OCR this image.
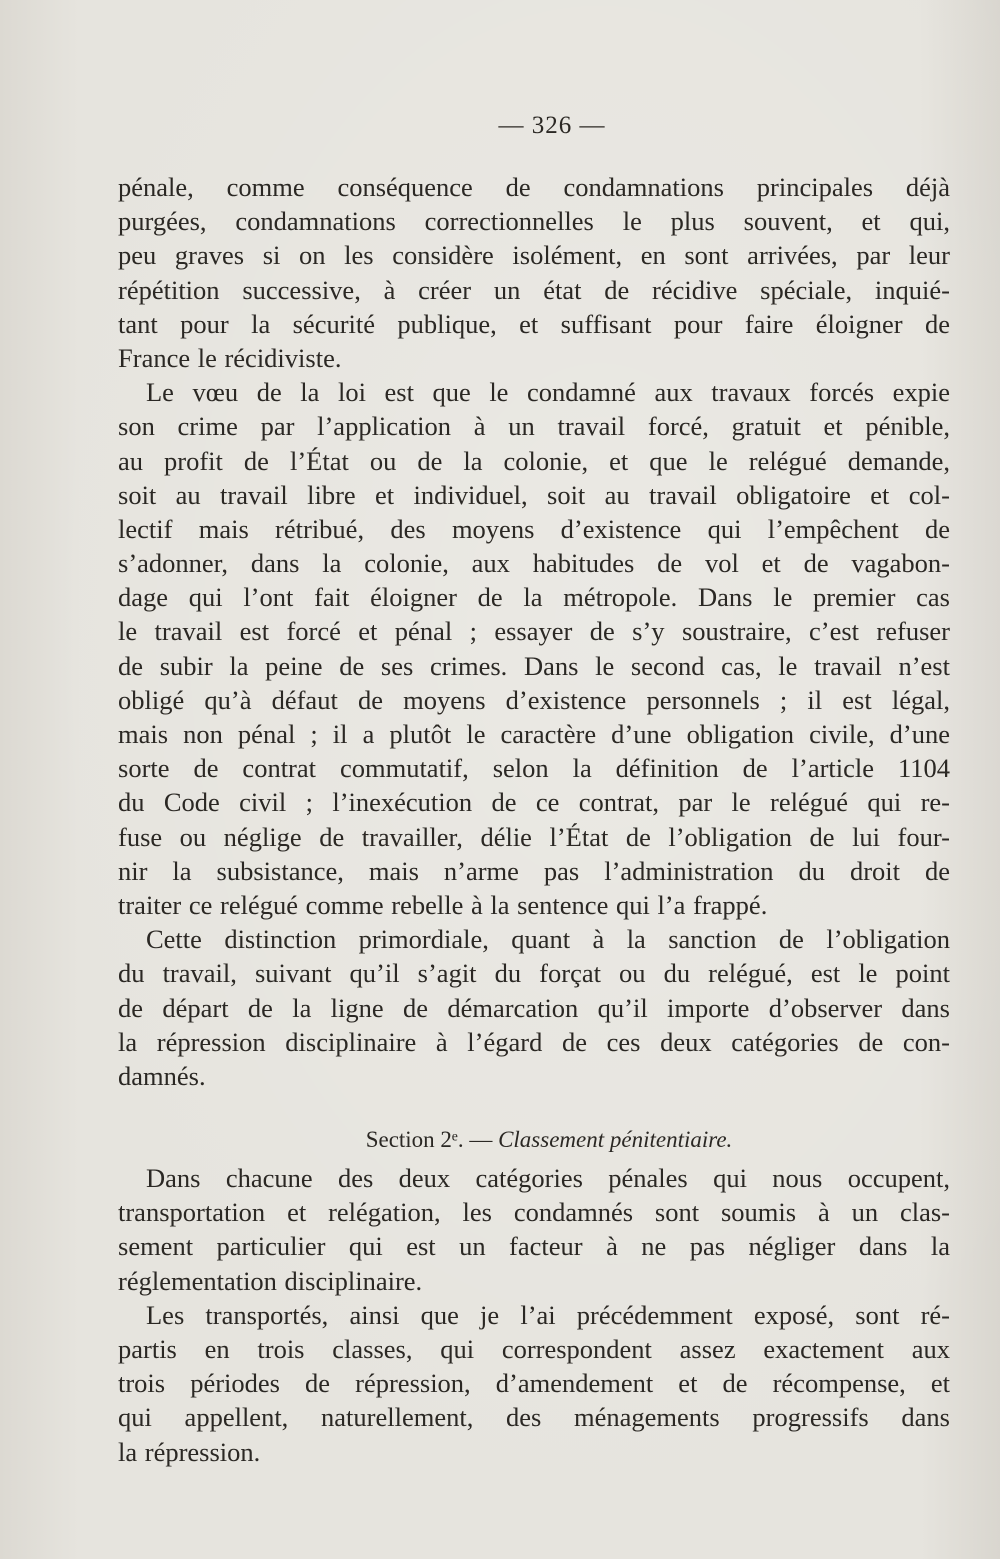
— 326 —
pénale, comme conséquence de condamnations principales déjà
purgées, condamnations correctionnelles le plus souvent, et qui,
peu graves si on les considère isolément, en sont arrivées, par leur
répétition successive, à créer un état de récidive spéciale, inquié-
tant pour la sécurité publique, et suffisant pour faire éloigner de
France le récidiviste.
Le vœu de la loi est que le condamné aux travaux forcés expie
son crime par l’application à un travail forcé, gratuit et pénible,
au profit de l’État ou de la colonie, et que le relégué demande,
soit au travail libre et individuel, soit au travail obligatoire et col-
lectif mais rétribué, des moyens d’existence qui l’empêchent de
s’adonner, dans la colonie, aux habitudes de vol et de vagabon-
dage qui l’ont fait éloigner de la métropole. Dans le premier cas
le travail est forcé et pénal ; essayer de s’y soustraire, c’est refuser
de subir la peine de ses crimes. Dans le second cas, le travail n’est
obligé qu’à défaut de moyens d’existence personnels ; il est légal,
mais non pénal ; il a plutôt le caractère d’une obligation civile, d’une
sorte de contrat commutatif, selon la définition de l’article 1104
du Code civil ; l’inexécution de ce contrat, par le relégué qui re-
fuse ou néglige de travailler, délie l’État de l’obligation de lui four-
nir la subsistance, mais n’arme pas l’administration du droit de
traiter ce relégué comme rebelle à la sentence qui l’a frappé.
Cette distinction primordiale, quant à la sanction de l’obligation
du travail, suivant qu’il s’agit du forçat ou du relégué, est le point
de départ de la ligne de démarcation qu’il importe d’observer dans
la répression disciplinaire à l’égard de ces deux catégories de con-
damnés.
Section 2ᵉ. — Classement pénitentiaire.
Dans chacune des deux catégories pénales qui nous occupent,
transportation et relégation, les condamnés sont soumis à un clas-
sement particulier qui est un facteur à ne pas négliger dans la
réglementation disciplinaire.
Les transportés, ainsi que je l’ai précédemment exposé, sont ré-
partis en trois classes, qui correspondent assez exactement aux
trois périodes de répression, d’amendement et de récompense, et
qui appellent, naturellement, des ménagements progressifs dans
la répression.
